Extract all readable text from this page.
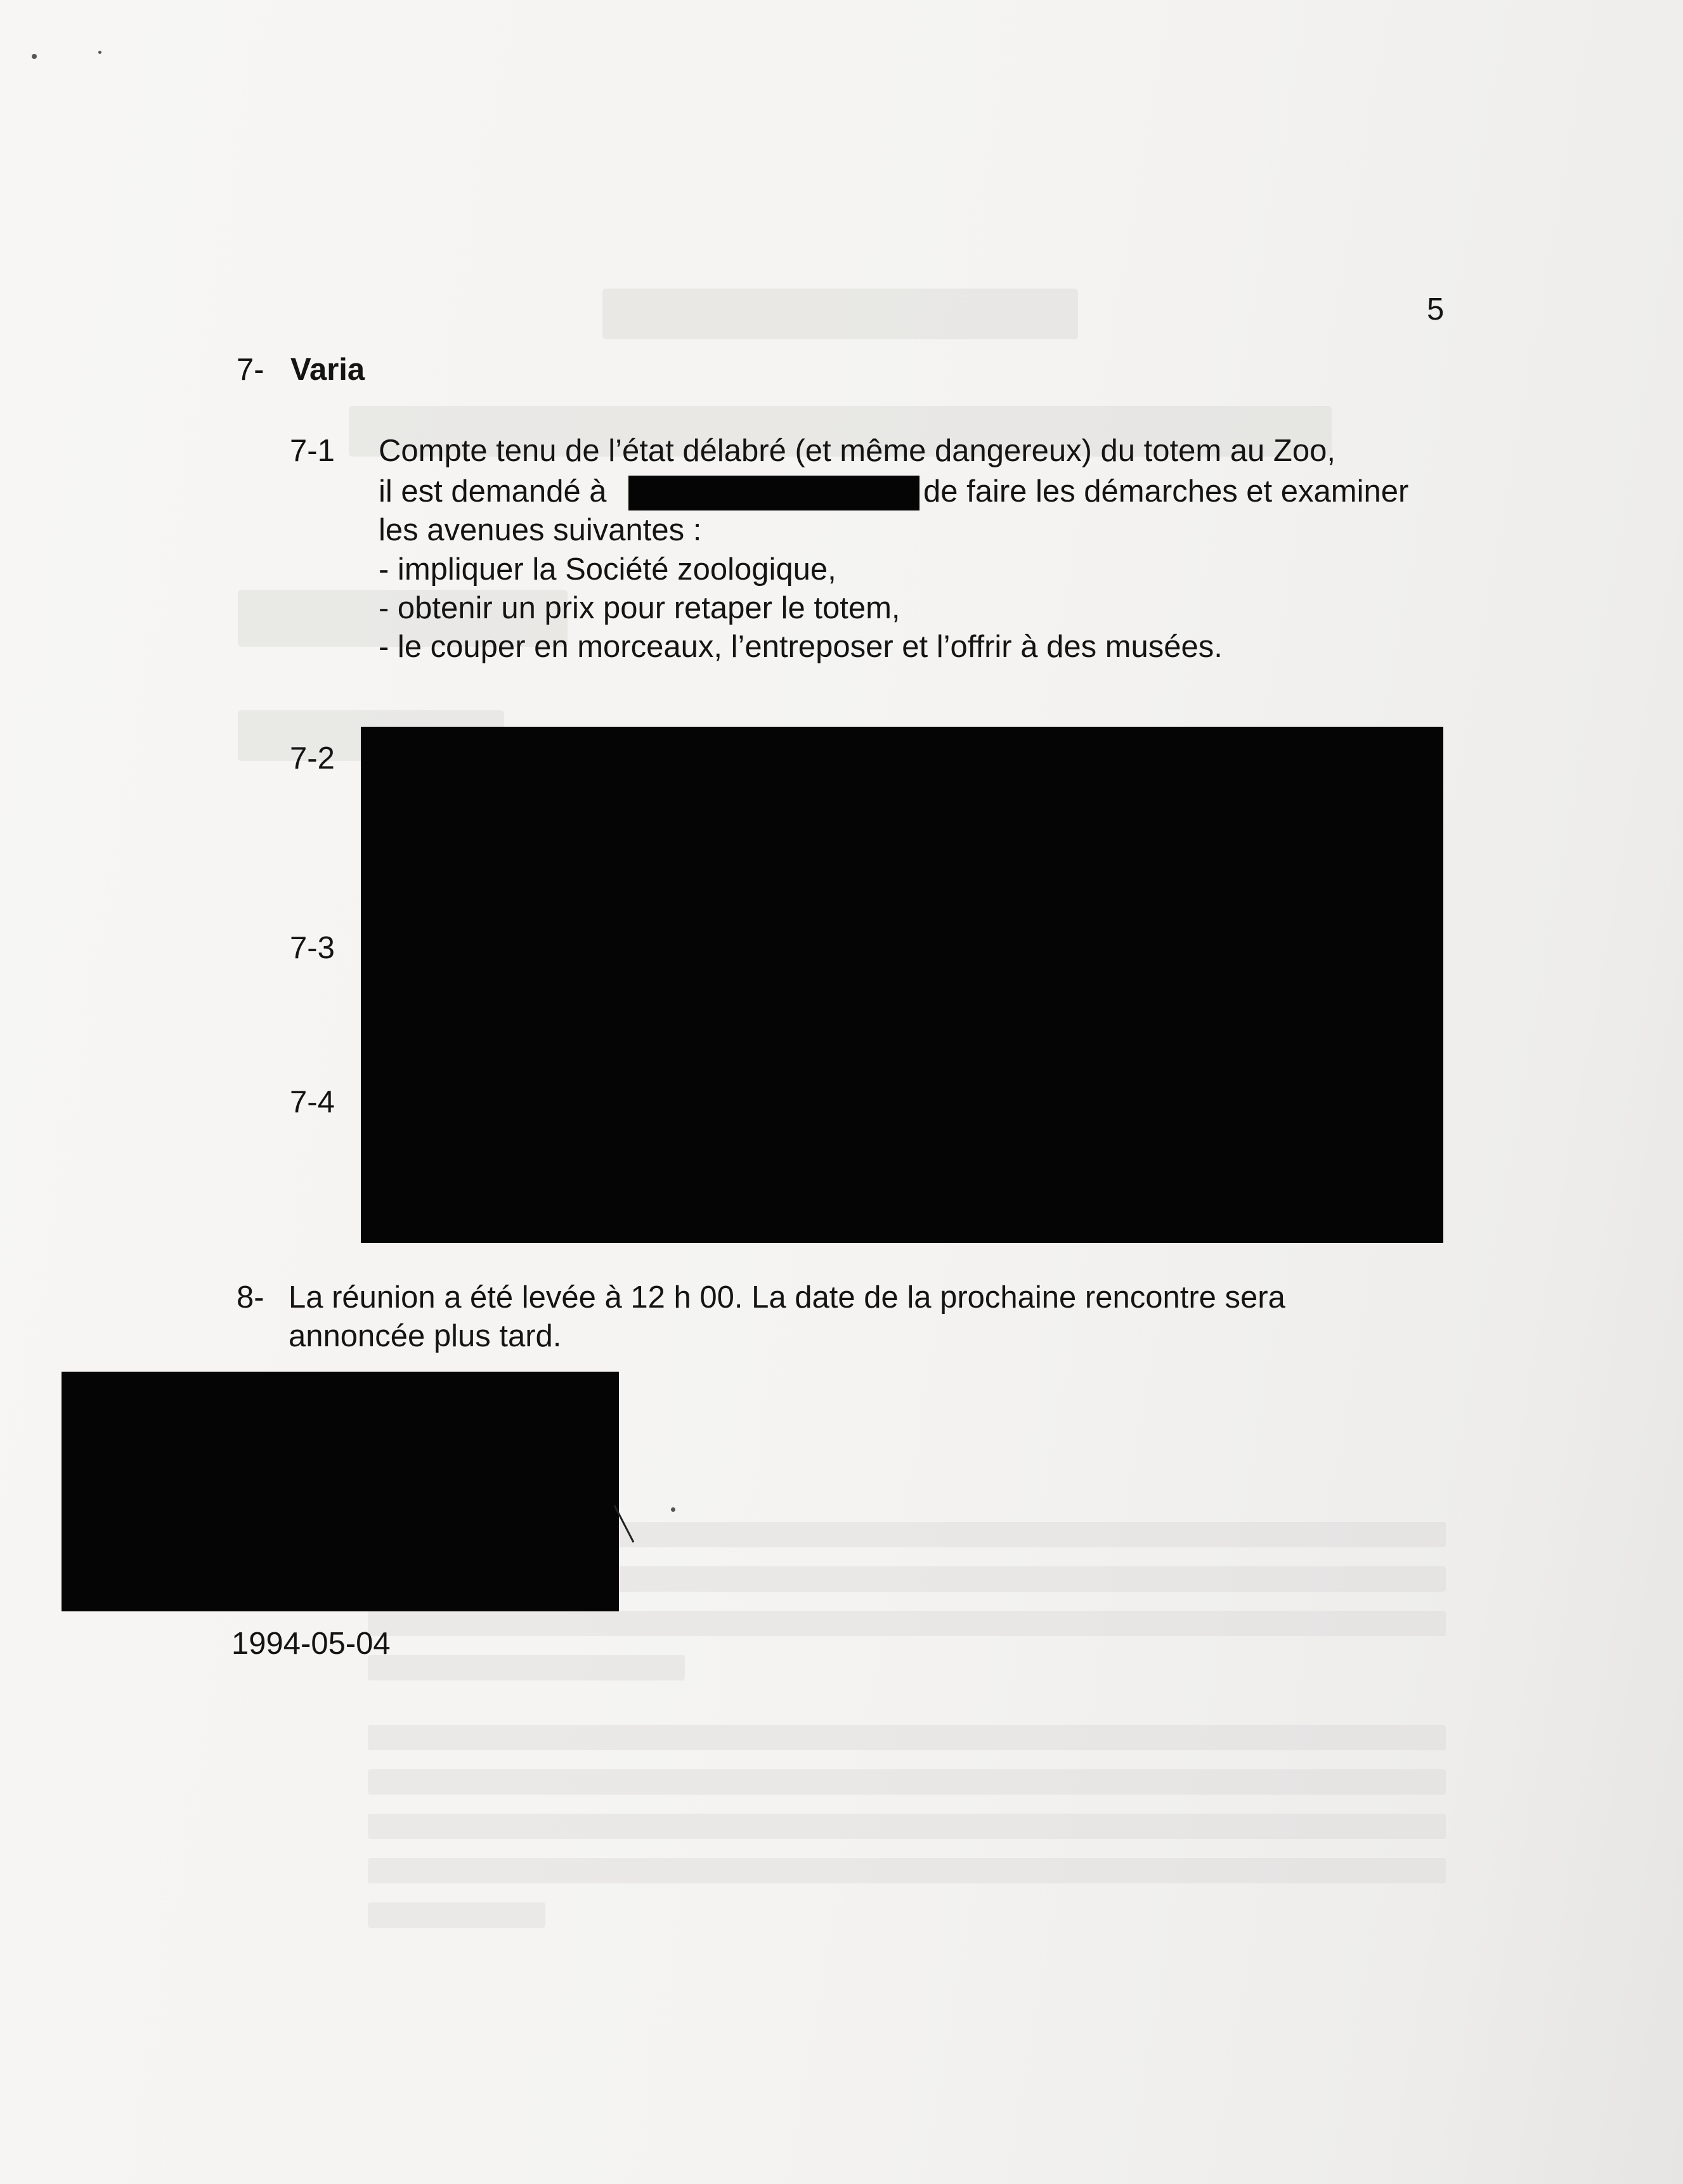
5
7- Varia
7-1 Compte tenu de l’état délabré (et même dangereux) du totem au Zoo,
il est demandé à	de faire les démarches et examiner
les avenues suivantes :
- impliquer la Société zoologique,
- obtenir un prix pour retaper le totem,
- le couper en morceaux, l’entreposer et l’offrir à des musées.
7-2
7-3
7-4
8- La réunion a été levée à 12 h 00. La date de la prochaine rencontre sera
annoncée plus tard.
1994-05-04
